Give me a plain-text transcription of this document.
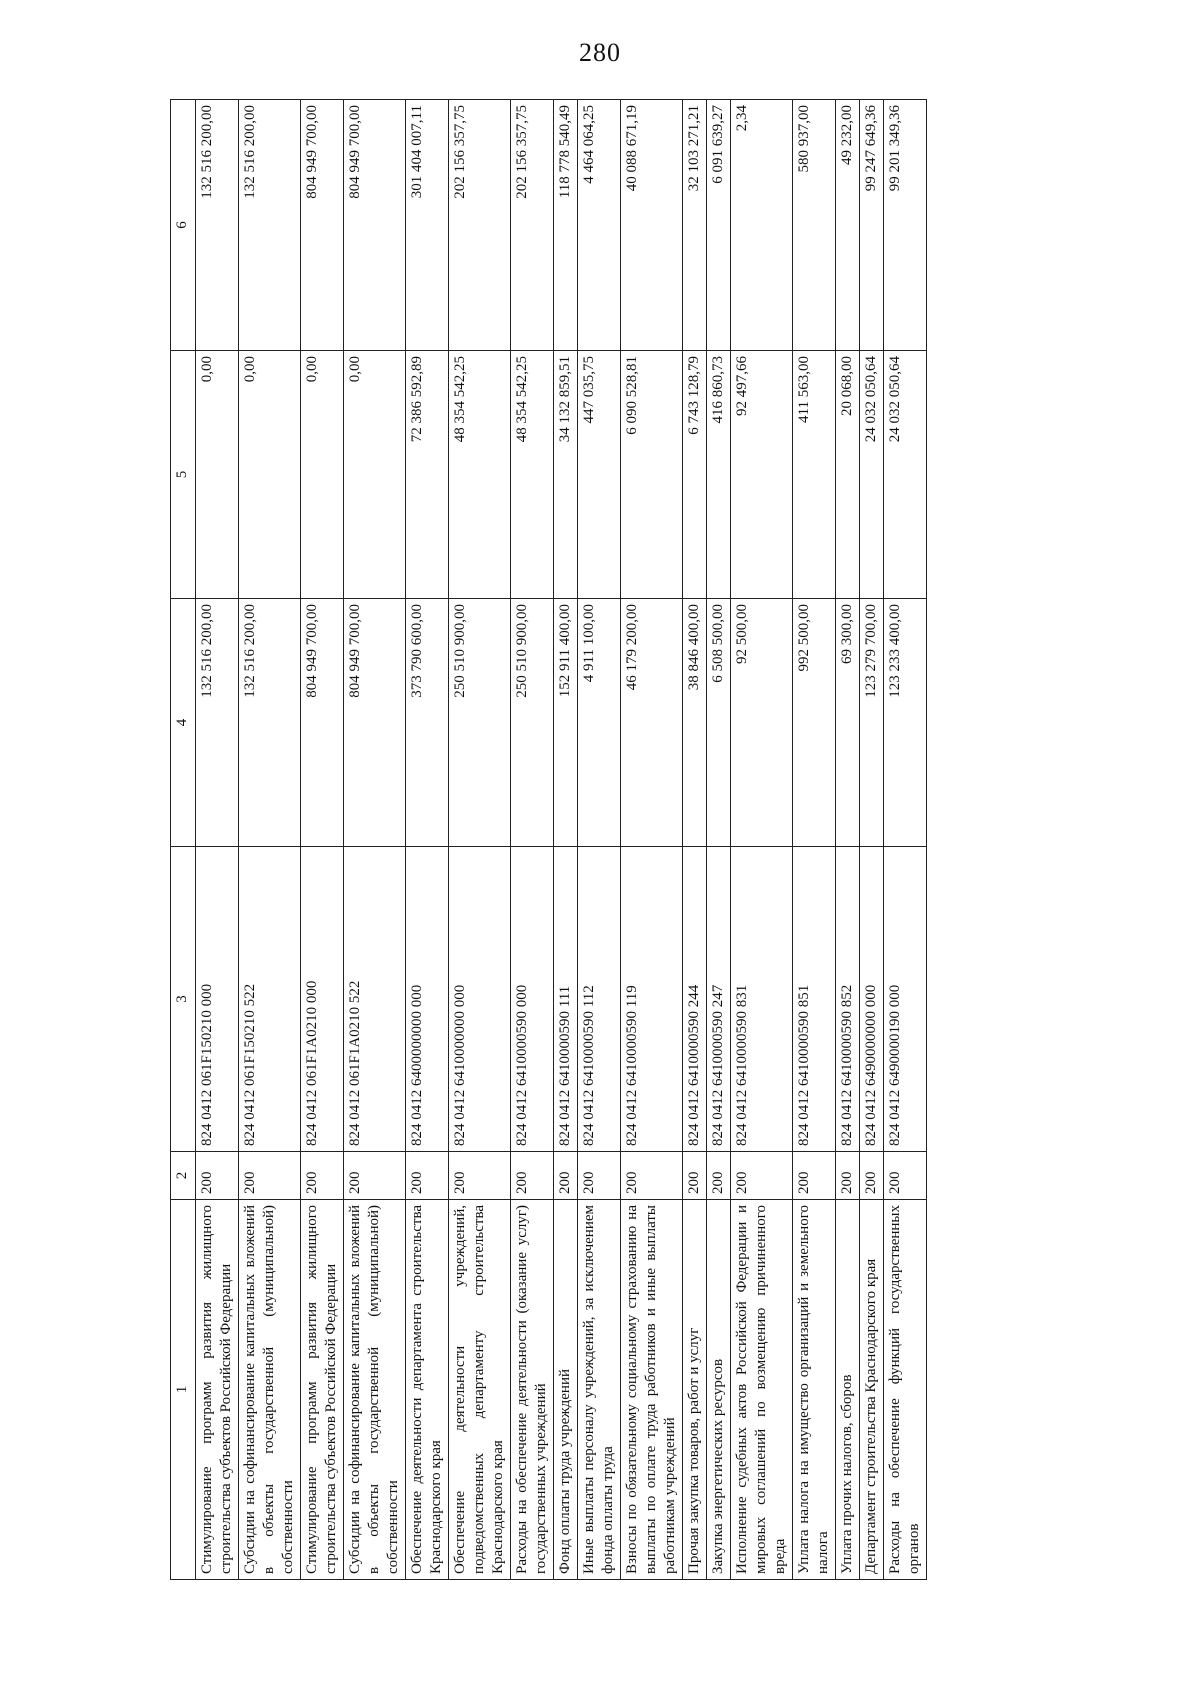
280
1	2	3	4	5	6
Стимулирование программ развития жилищного строительства субъектов Российской Федерации	200	824 0412 061F150210 000	132 516 200,00	0,00	132 516 200,00
Субсидии на софинансирование капитальных вложений в объекты государственной (муниципальной) собственности	200	824 0412 061F150210 522	132 516 200,00	0,00	132 516 200,00
Стимулирование программ развития жилищного строительства субъектов Российской Федерации	200	824 0412 061F1A0210 000	804 949 700,00	0,00	804 949 700,00
Субсидии на софинансирование капитальных вложений в объекты государственной (муниципальной) собственности	200	824 0412 061F1A0210 522	804 949 700,00	0,00	804 949 700,00
Обеспечение деятельности департамента строительства Краснодарского края	200	824 0412 6400000000 000	373 790 600,00	72 386 592,89	301 404 007,11
Обеспечение деятельности учреждений, подведомственных департаменту строительства Краснодарского края	200	824 0412 6410000000 000	250 510 900,00	48 354 542,25	202 156 357,75
Расходы на обеспечение деятельности (оказание услуг) государственных учреждений	200	824 0412 6410000590 000	250 510 900,00	48 354 542,25	202 156 357,75
Фонд оплаты труда учреждений	200	824 0412 6410000590 111	152 911 400,00	34 132 859,51	118 778 540,49
Иные выплаты персоналу учреждений, за исключением фонда оплаты труда	200	824 0412 6410000590 112	4 911 100,00	447 035,75	4 464 064,25
Взносы по обязательному социальному страхованию на выплаты по оплате труда работников и иные выплаты работникам учреждений	200	824 0412 6410000590 119	46 179 200,00	6 090 528,81	40 088 671,19
Прочая закупка товаров, работ и услуг	200	824 0412 6410000590 244	38 846 400,00	6 743 128,79	32 103 271,21
Закупка энергетических ресурсов	200	824 0412 6410000590 247	6 508 500,00	416 860,73	6 091 639,27
Исполнение судебных актов Российской Федерации и мировых соглашений по возмещению причиненного вреда	200	824 0412 6410000590 831	92 500,00	92 497,66	2,34
Уплата налога на имущество организаций и земельного налога	200	824 0412 6410000590 851	992 500,00	411 563,00	580 937,00
Уплата прочих налогов, сборов	200	824 0412 6410000590 852	69 300,00	20 068,00	49 232,00
Департамент строительства Краснодарского края	200	824 0412 6490000000 000	123 279 700,00	24 032 050,64	99 247 649,36
Расходы на обеспечение функций государственных органов	200	824 0412 6490000190 000	123 233 400,00	24 032 050,64	99 201 349,36
